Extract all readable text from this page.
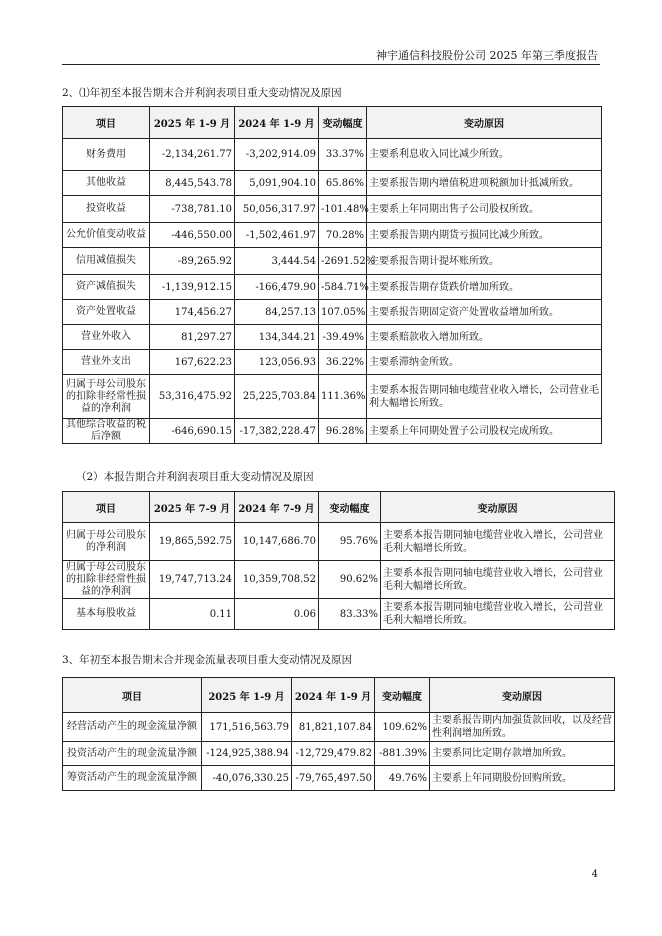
神宇通信科技股份公司 2025 年第三季度报告
2、⑴年初至本报告期末合并利润表项目重大变动情况及原因
项目	2025 年 1-9 月	2024 年 1-9 月	变动幅度	变动原因
财务费用	-2,134,261.77	-3,202,914.09	33.37%	主要系利息收入同比减少所致。
其他收益	8,445,543.78	5,091,904.10	65.86%	主要系报告期内增值税进项税额加计抵减所致。
投资收益	-738,781.10	50,056,317.97	-101.48%	主要系上年同期出售子公司股权所致。
公允价值变动收益	-446,550.00	-1,502,461.97	70.28%	主要系报告期内期货亏损同比减少所致。
信用减值损失	-89,265.92	3,444.54	-2691.52%	主要系报告期计提坏账所致。
资产减值损失	-1,139,912.15	-166,479.90	-584.71%	主要系报告期存货跌价增加所致。
资产处置收益	174,456.27	84,257.13	107.05%	主要系报告期固定资产处置收益增加所致。
营业外收入	81,297.27	134,344.21	-39.49%	主要系赔款收入增加所致。
营业外支出	167,622.23	123,056.93	36.22%	主要系滞纳金所致。
归属于母公司股东的扣除非经常性损益的净利润	53,316,475.92	25,225,703.84	111.36%	主要系本报告期同轴电缆营业收入增长，公司营业毛利大幅增长所致。
其他综合收益的税后净额	-646,690.15	-17,382,228.47	96.28%	主要系上年同期处置子公司股权完成所致。
（2）本报告期合并利润表项目重大变动情况及原因
项目	2025 年 7-9 月	2024 年 7-9 月	变动幅度	变动原因
归属于母公司股东的净利润	19,865,592.75	10,147,686.70	95.76%	主要系本报告期同轴电缆营业收入增长，公司营业毛利大幅增长所致。
归属于母公司股东的扣除非经常性损益的净利润	19,747,713.24	10,359,708.52	90.62%	主要系本报告期同轴电缆营业收入增长，公司营业毛利大幅增长所致。
基本每股收益	0.11	0.06	83.33%	主要系本报告期同轴电缆营业收入增长，公司营业毛利大幅增长所致。
3、年初至本报告期末合并现金流量表项目重大变动情况及原因
项目	2025 年 1-9 月	2024 年 1-9 月	变动幅度	变动原因
经营活动产生的现金流量净额	171,516,563.79	81,821,107.84	109.62%	主要系报告期内加强货款回收，以及经营性利润增加所致。
投资活动产生的现金流量净额	-124,925,388.94	-12,729,479.82	-881.39%	主要系同比定期存款增加所致。
筹资活动产生的现金流量净额	-40,076,330.25	-79,765,497.50	49.76%	主要系上年同期股份回购所致。
4
